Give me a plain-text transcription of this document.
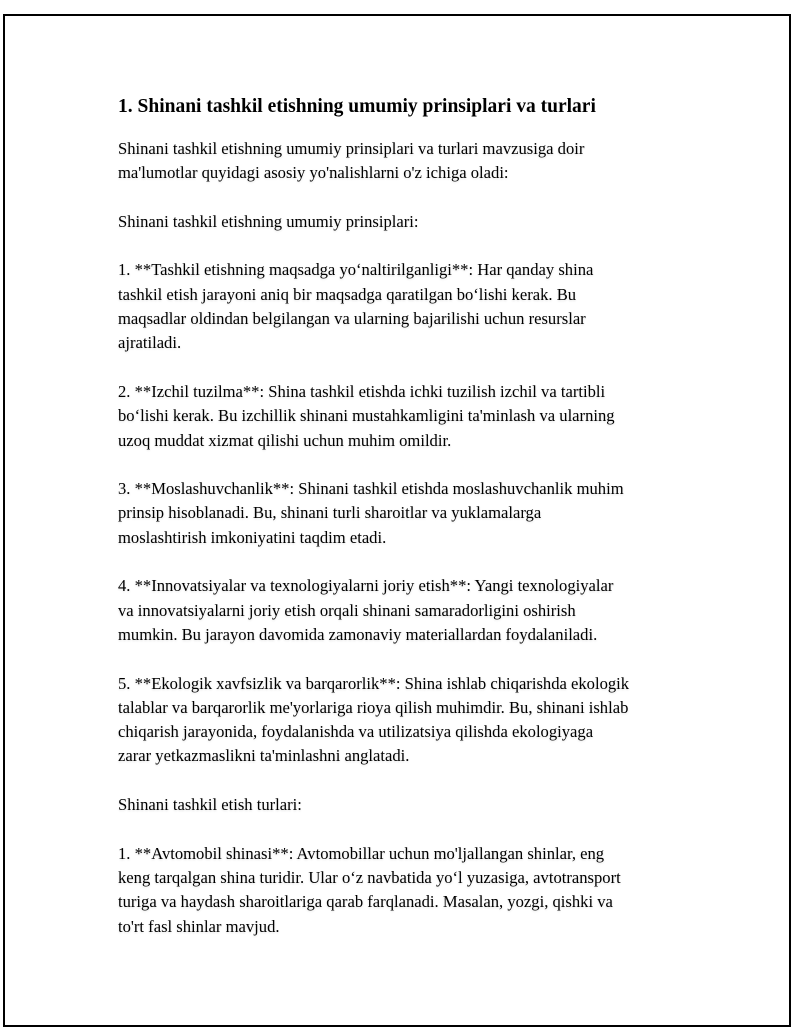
1. Shinani tashkil etishning umumiy prinsiplari va turlari

Shinani tashkil etishning umumiy prinsiplari va turlari mavzusiga doir
ma'lumotlar quyidagi asosiy yo'nalishlarni o'z ichiga oladi:

Shinani tashkil etishning umumiy prinsiplari:

1. **Tashkil etishning maqsadga yo‘naltirilganligi**: Har qanday shina
tashkil etish jarayoni aniq bir maqsadga qaratilgan bo‘lishi kerak. Bu
maqsadlar oldindan belgilangan va ularning bajarilishi uchun resurslar
ajratiladi.

2. **Izchil tuzilma**: Shina tashkil etishda ichki tuzilish izchil va tartibli
bo‘lishi kerak. Bu izchillik shinani mustahkamligini ta'minlash va ularning
uzoq muddat xizmat qilishi uchun muhim omildir.

3. **Moslashuvchanlik**: Shinani tashkil etishda moslashuvchanlik muhim
prinsip hisoblanadi. Bu, shinani turli sharoitlar va yuklamalarga
moslashtirish imkoniyatini taqdim etadi.

4. **Innovatsiyalar va texnologiyalarni joriy etish**: Yangi texnologiyalar
va innovatsiyalarni joriy etish orqali shinani samaradorligini oshirish
mumkin. Bu jarayon davomida zamonaviy materiallardan foydalaniladi.

5. **Ekologik xavfsizlik va barqarorlik**: Shina ishlab chiqarishda ekologik
talablar va barqarorlik me'yorlariga rioya qilish muhimdir. Bu, shinani ishlab
chiqarish jarayonida, foydalanishda va utilizatsiya qilishda ekologiyaga
zarar yetkazmaslikni ta'minlashni anglatadi.

Shinani tashkil etish turlari:

1. **Avtomobil shinasi**: Avtomobillar uchun mo'ljallangan shinlar, eng
keng tarqalgan shina turidir. Ular o‘z navbatida yo‘l yuzasiga, avtotransport
turiga va haydash sharoitlariga qarab farqlanadi. Masalan, yozgi, qishki va
to'rt fasl shinlar mavjud.
